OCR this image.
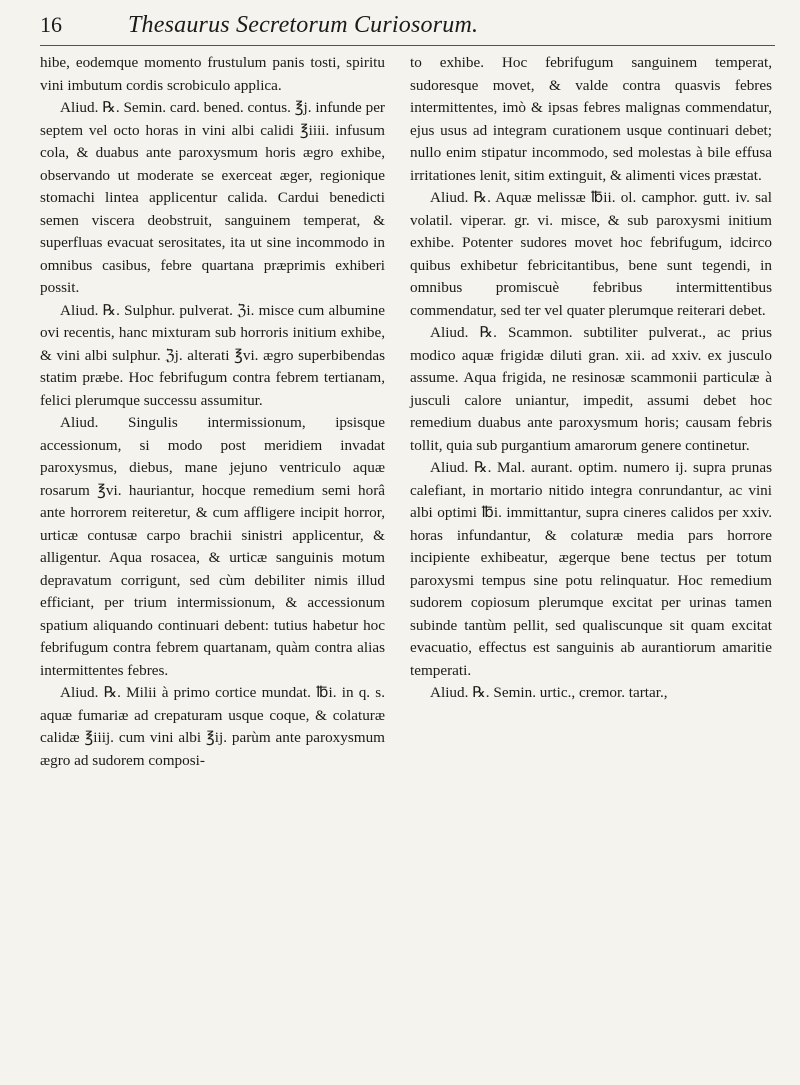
16	Thesaurus Secretorum Curiosorum.

hibe, eodemque momento frustulum panis tosti, spiritu vini imbutum cordis scrobiculo applica.

Aliud. ℞. Semin. card. bened. contus. ℥j. infunde per septem vel octo horas in vini albi calidi ℥iiii. infusum cola, & duabus ante paroxysmum horis ægro exhibe, observando ut moderate se exerceat æger, regionique stomachi lintea applicentur calida. Cardui benedicti semen viscera deobstruit, sanguinem temperat, & superfluas evacuat serositates, ita ut sine incommodo in omnibus casibus, febre quartana præprimis exhiberi possit.

Aliud. ℞. Sulphur. pulverat. ℨi. misce cum albumine ovi recentis, hanc mixturam sub horroris initium exhibe, & vini albi sulphur. ℨj. alterati ℥vi. ægro superbibendas statim præbe. Hoc febrifugum contra febrem tertianam, felici plerumque successu assumitur.

Aliud. Singulis intermissionum, ipsisque accessionum, si modo post meridiem invadat paroxysmus, diebus, mane jejuno ventriculo aquæ rosarum ℥vi. hauriantur, hocque remedium semi horâ ante horrorem reiteretur, & cum affligere incipit horror, urticæ contusæ carpo brachii sinistri applicentur, & alligentur. Aqua rosacea, & urticæ sanguinis motum depravatum corrigunt, sed cùm debiliter nimis illud efficiant, per trium intermissionum, & accessionum spatium aliquando continuari debent: tutius habetur hoc febrifugum contra febrem quartanam, quàm contra alias intermittentes febres.

Aliud. ℞. Milii à primo cortice mundat. ℔i. in q. s. aquæ fumariæ ad crepaturam usque coque, & colaturæ calidæ ℥iiij. cum vini albi ℥ij. parùm ante paroxysmum ægro ad sudorem composi-

to exhibe. Hoc febrifugum sanguinem temperat, sudoresque movet, & valde contra quasvis febres intermittentes, imò & ipsas febres malignas commendatur, ejus usus ad integram curationem usque continuari debet; nullo enim stipatur incommodo, sed molestas à bile effusa irritationes lenit, sitim extinguit, & alimenti vices præstat.

Aliud. ℞. Aquæ melissæ ℔ii. ol. camphor. gutt. iv. sal volatil. viperar. gr. vi. misce, & sub paroxysmi initium exhibe. Potenter sudores movet hoc febrifugum, idcirco quibus exhibetur febricitantibus, bene sunt tegendi, in omnibus promiscuè febribus intermittentibus commendatur, sed ter vel quater plerumque reiterari debet.

Aliud. ℞. Scammon. subtiliter pulverat., ac prius modico aquæ frigidæ diluti gran. xii. ad xxiv. ex jusculo assume. Aqua frigida, ne resinosæ scammonii particulæ à jusculi calore uniantur, impedit, assumi debet hoc remedium duabus ante paroxysmum horis; causam febris tollit, quia sub purgantium amarorum genere continetur.

Aliud. ℞. Mal. aurant. optim. numero ij. supra prunas calefiant, in mortario nitido integra conrundantur, ac vini albi optimi ℔i. immittantur, supra cineres calidos per xxiv. horas infundantur, & colaturæ media pars horrore incipiente exhibeatur, ægerque bene tectus per totum paroxysmi tempus sine potu relinquatur. Hoc remedium sudorem copiosum plerumque excitat per urinas tamen subinde tantùm pellit, sed qualiscunque sit quam excitat evacuatio, effectus est sanguinis ab aurantiorum amaritie temperati.

Aliud. ℞. Semin. urtic., cremor. tartar.,
